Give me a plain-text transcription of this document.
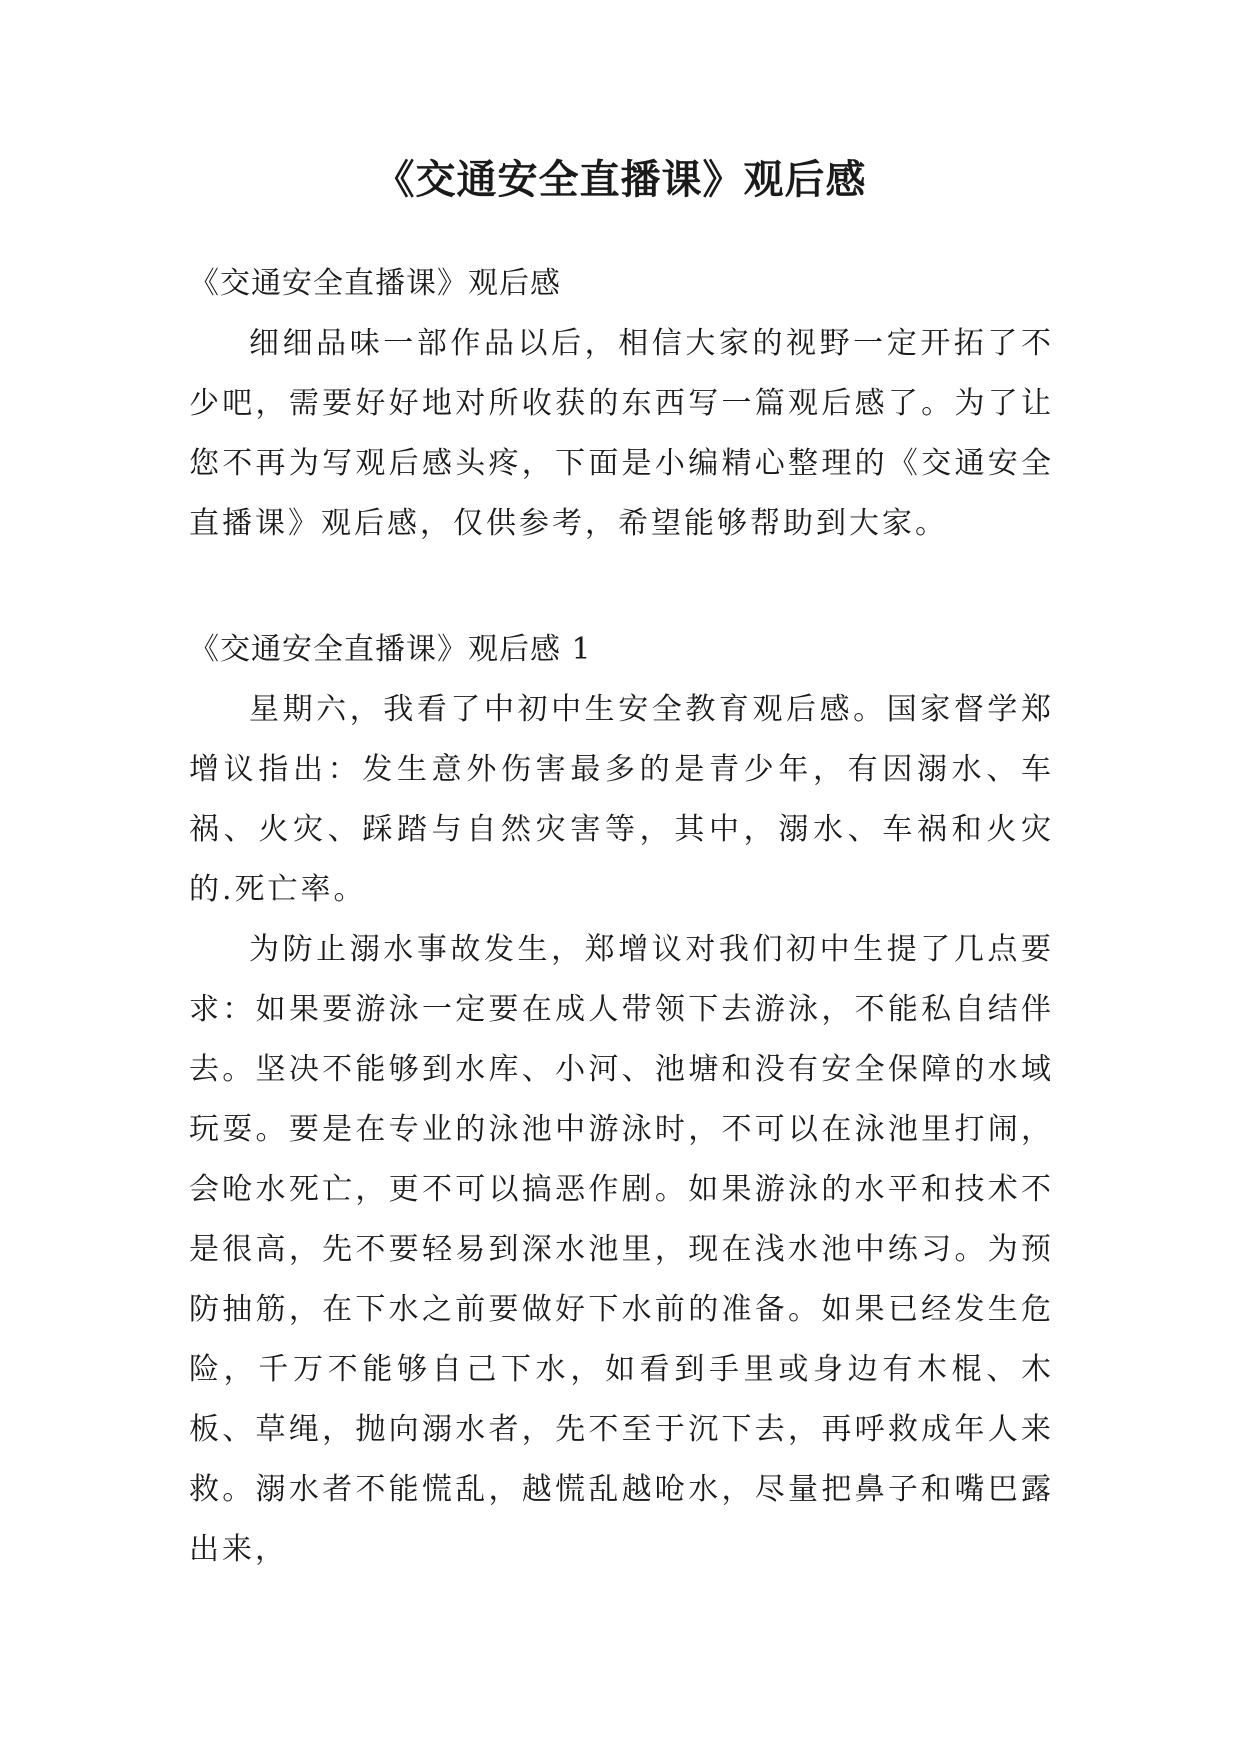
《交通安全直播课》观后感

《交通安全直播课》观后感

细细品味一部作品以后，相信大家的视野一定开拓了不少吧，需要好好地对所收获的东西写一篇观后感了。为了让您不再为写观后感头疼，下面是小编精心整理的《交通安全直播课》观后感，仅供参考，希望能够帮助到大家。

《交通安全直播课》观后感 1

星期六，我看了中初中生安全教育观后感。国家督学郑增议指出：发生意外伤害最多的是青少年，有因溺水、车祸、火灾、踩踏与自然灾害等，其中，溺水、车祸和火灾的.死亡率。

为防止溺水事故发生，郑增议对我们初中生提了几点要求：如果要游泳一定要在成人带领下去游泳，不能私自结伴去。坚决不能够到水库、小河、池塘和没有安全保障的水域玩耍。要是在专业的泳池中游泳时，不可以在泳池里打闹，会呛水死亡，更不可以搞恶作剧。如果游泳的水平和技术不是很高，先不要轻易到深水池里，现在浅水池中练习。为预防抽筋，在下水之前要做好下水前的准备。如果已经发生危险，千万不能够自己下水，如看到手里或身边有木棍、木板、草绳，抛向溺水者，先不至于沉下去，再呼救成年人来救。溺水者不能慌乱，越慌乱越呛水，尽量把鼻子和嘴巴露出来，
